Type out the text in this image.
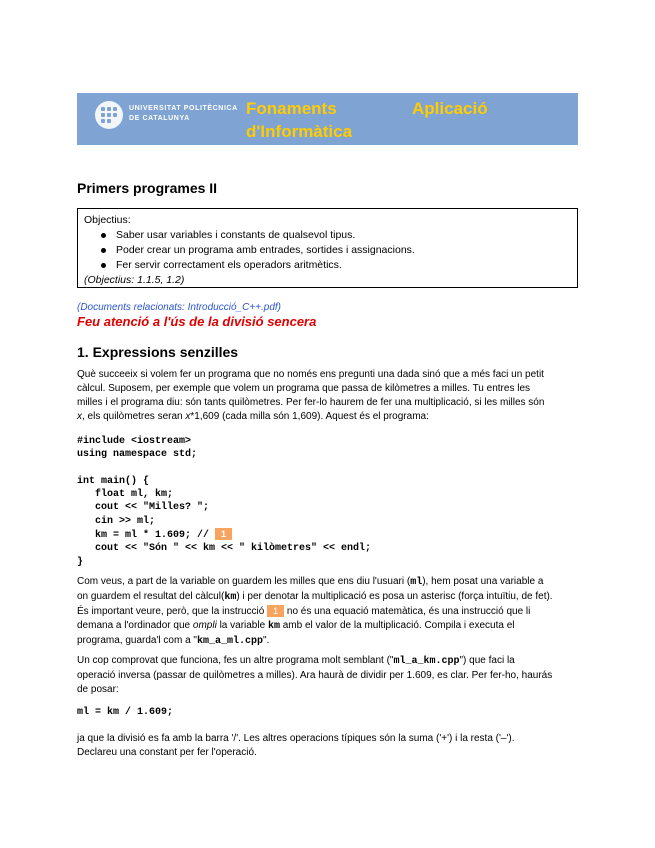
UNIVERSITAT POLITÈCNICA
DE CATALUNYA
Fonaments
d'Informàtica
Aplicació
Primers programes II
Objectius:
Saber usar variables i constants de qualsevol tipus.
Poder crear un programa amb entrades, sortides i assignacions.
Fer servir correctament els operadors aritmètics.
(Objectius: 1.1.5, 1.2)
(Documents relacionats: Introducció_C++.pdf)
Feu atenció a l'ús de la divisió sencera
1. Expressions senzilles
Què succeeix si volem fer un programa que no només ens pregunti una dada sinó que a més faci un petit
càlcul. Suposem, per exemple que volem un programa que passa de kilòmetres a milles. Tu entres les
milles i el programa diu: són tants quilòmetres. Per fer-lo haurem de fer una multiplicació, si les milles són
x, els quilòmetres seran x*1,609 (cada milla són 1,609). Aquest és el programa:
#include <iostream>
using namespace std;

int main() {
float ml, km;
cout << "Milles? ";
cin >> ml;
km = ml * 1.609; // 1
cout << "Són " << km << " kilòmetres" << endl;
}
Com veus, a part de la variable on guardem les milles que ens diu l'usuari (ml), hem posat una variable a
on guardem el resultat del càlcul(km) i per denotar la multiplicació es posa un asterisc (força intuïtiu, de fet).
És important veure, però, que la instrucció 1 no és una equació matemàtica, és una instrucció que li
demana a l'ordinador que ompli la variable km amb el valor de la multiplicació. Compila i executa el
programa, guarda'l com a "km_a_ml.cpp".
Un cop comprovat que funciona, fes un altre programa molt semblant ("ml_a_km.cpp") que faci la
operació inversa (passar de quilòmetres a milles). Ara haurà de dividir per 1.609, es clar. Per fer-ho, haurás
de posar:
ml = km / 1.609;
ja que la divisió es fa amb la barra '/'. Les altres operacions típiques són la suma ('+') i la resta ('–').
Declareu una constant per fer l'operació.
